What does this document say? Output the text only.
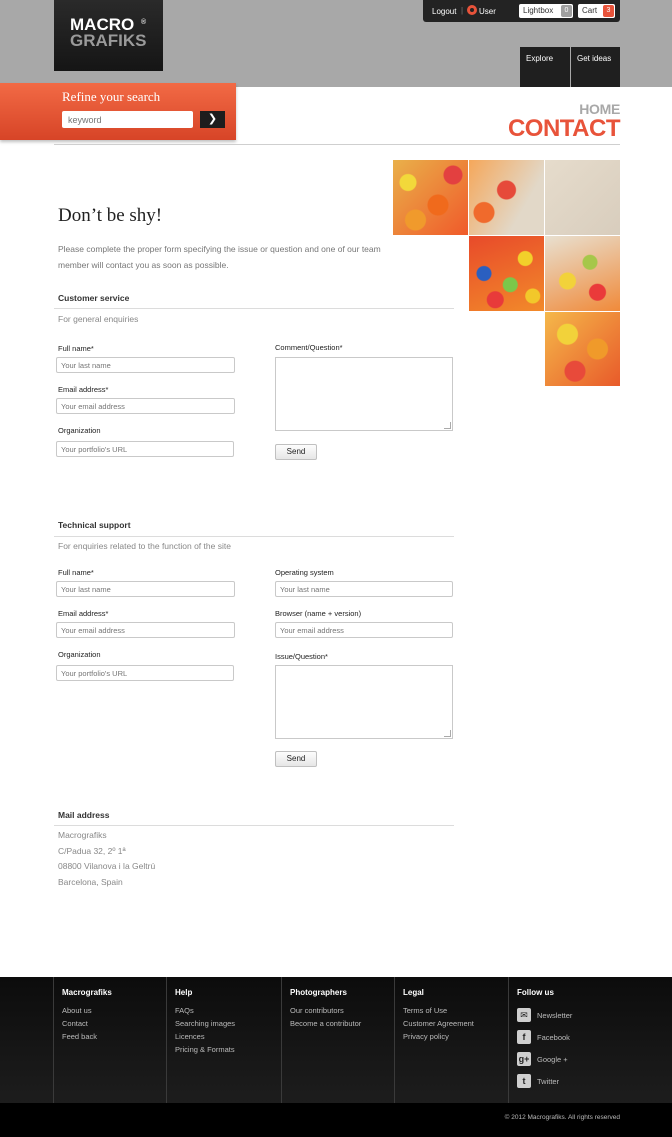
MACRO ®
GRAFIKS
Logout | User	Lightbox	0	Cart	3
Explore	Get ideas
Refine your search
keyword
❯
HOME
CONTACT
Don’t be shy!
Please complete the proper form specifying the issue or question and one of our team member will contact you as soon as possible.
Customer service
For general enquiries
Full name*
Your last name
Email address*
Your email address
Organization
Your portfolio's URL
Comment/Question*
Send
Technical support
For enquiries related to the function of the site
Full name*
Your last name
Email address*
Your email address
Organization
Your portfolio's URL
Operating system
Your last name
Browser (name + version)
Your email address
Issue/Question*
Send
Mail address
Macrografiks
C/Padua 32, 2º 1ª
08800 Vilanova i la Geltrú
Barcelona, Spain
Macrografiks
About us
Contact
Feed back
Help
FAQs
Searching images
Licences
Pricing & Formats
Photographers
Our contributors
Become a contributor
Legal
Terms of Use
Customer Agreement
Privacy policy
Follow us
✉	Newsletter
f	Facebook
g+ Google +
t	Twitter
© 2012 Macrografiks. All rights reserved
